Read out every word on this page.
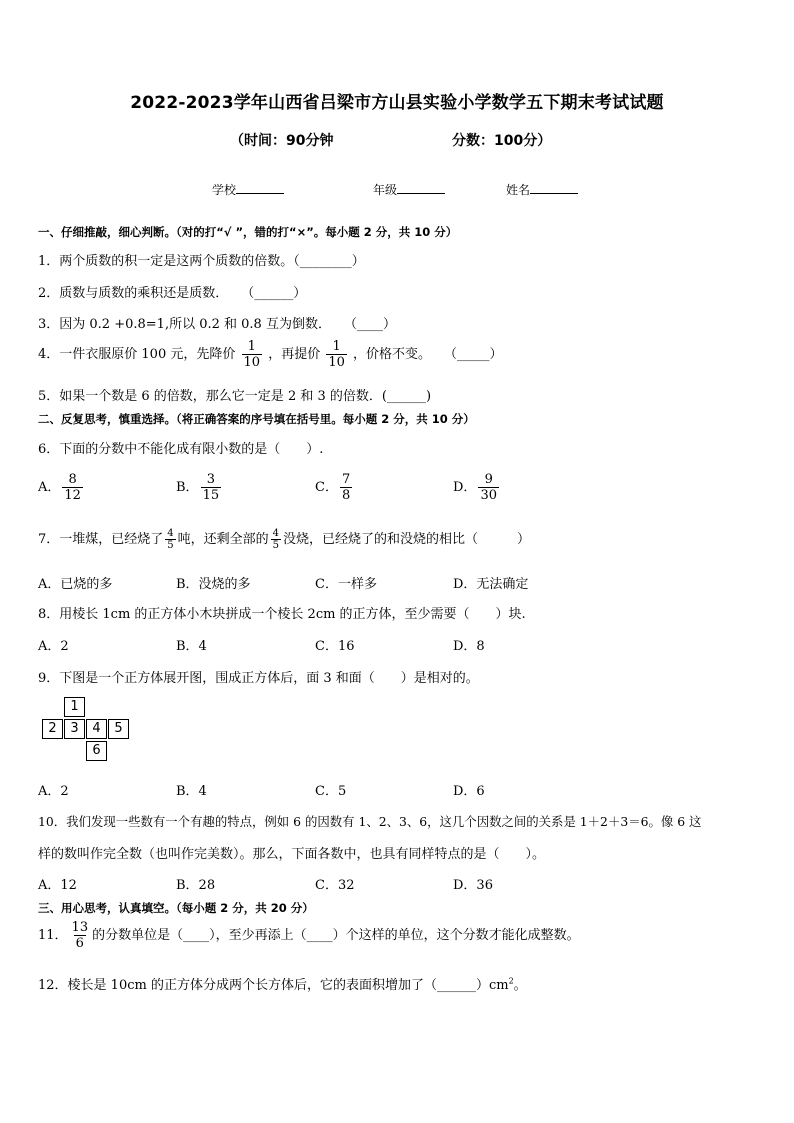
2022-2023学年山西省吕梁市方山县实验小学数学五下期末考试试题
（时间：90分钟	分数：100分）
学校	年级	姓名
一、仔细推敲，细心判断。（对的打“√ ”，错的打“×”。每小题 2 分，共 10 分）
1．两个质数的积一定是这两个质数的倍数。（________）
2．质数与质数的乘积还是质数．　　（______）
3．因为 0.2 +0.8=1,所以 0.2 和 0.8 互为倒数．　　（____）
4．一件衣服原价 100 元，先降价 $\frac{1}{10}$ ，再提价 $\frac{1}{10}$ ，价格不变。　　（_____）
5．如果一个数是 6 的倍数，那么它一定是 2 和 3 的倍数．(______)
二、反复思考，慎重选择。（将正确答案的序号填在括号里。每小题 2 分，共 10 分）
6．下面的分数中不能化成有限小数的是（　　）.
A． $\frac{8}{12}$	B． $\frac{3}{15}$	C． $\frac{7}{8}$	D． $\frac{9}{30}$
7．一堆煤，已经烧了 $\frac{4}{5}$ 吨，还剩全部的 $\frac{4}{5}$ 没烧，已经烧了的和没烧的相比（　　　）
A．已烧的多	B．没烧的多	C．一样多	D．无法确定
8．用棱长 1cm 的正方体小木块拼成一个棱长 2cm 的正方体，至少需要（　　）块.
A．2	B．4	C．16	D．8
9．下图是一个正方体展开图，围成正方体后，面 3 和面（　　）是相对的。
1
2	3	4	5
6
A．2	B．4	C．5	D．6
10．我们发现一些数有一个有趣的特点，例如 6 的因数有 1、2、3、6，这几个因数之间的关系是 1＋2＋3＝6。像 6 这
样的数叫作完全数（也叫作完美数）。那么，下面各数中，也具有同样特点的是（　　）。
A．12	B．28	C．32	D．36
三、用心思考，认真填空。（每小题 2 分，共 20 分）
11． $\frac{13}{6}$ 的分数单位是（____），至少再添上（____）个这样的单位，这个分数才能化成整数。
12．棱长是 10cm 的正方体分成两个长方体后，它的表面积增加了$(\_\_\_\_\_\_)cm^2$。
